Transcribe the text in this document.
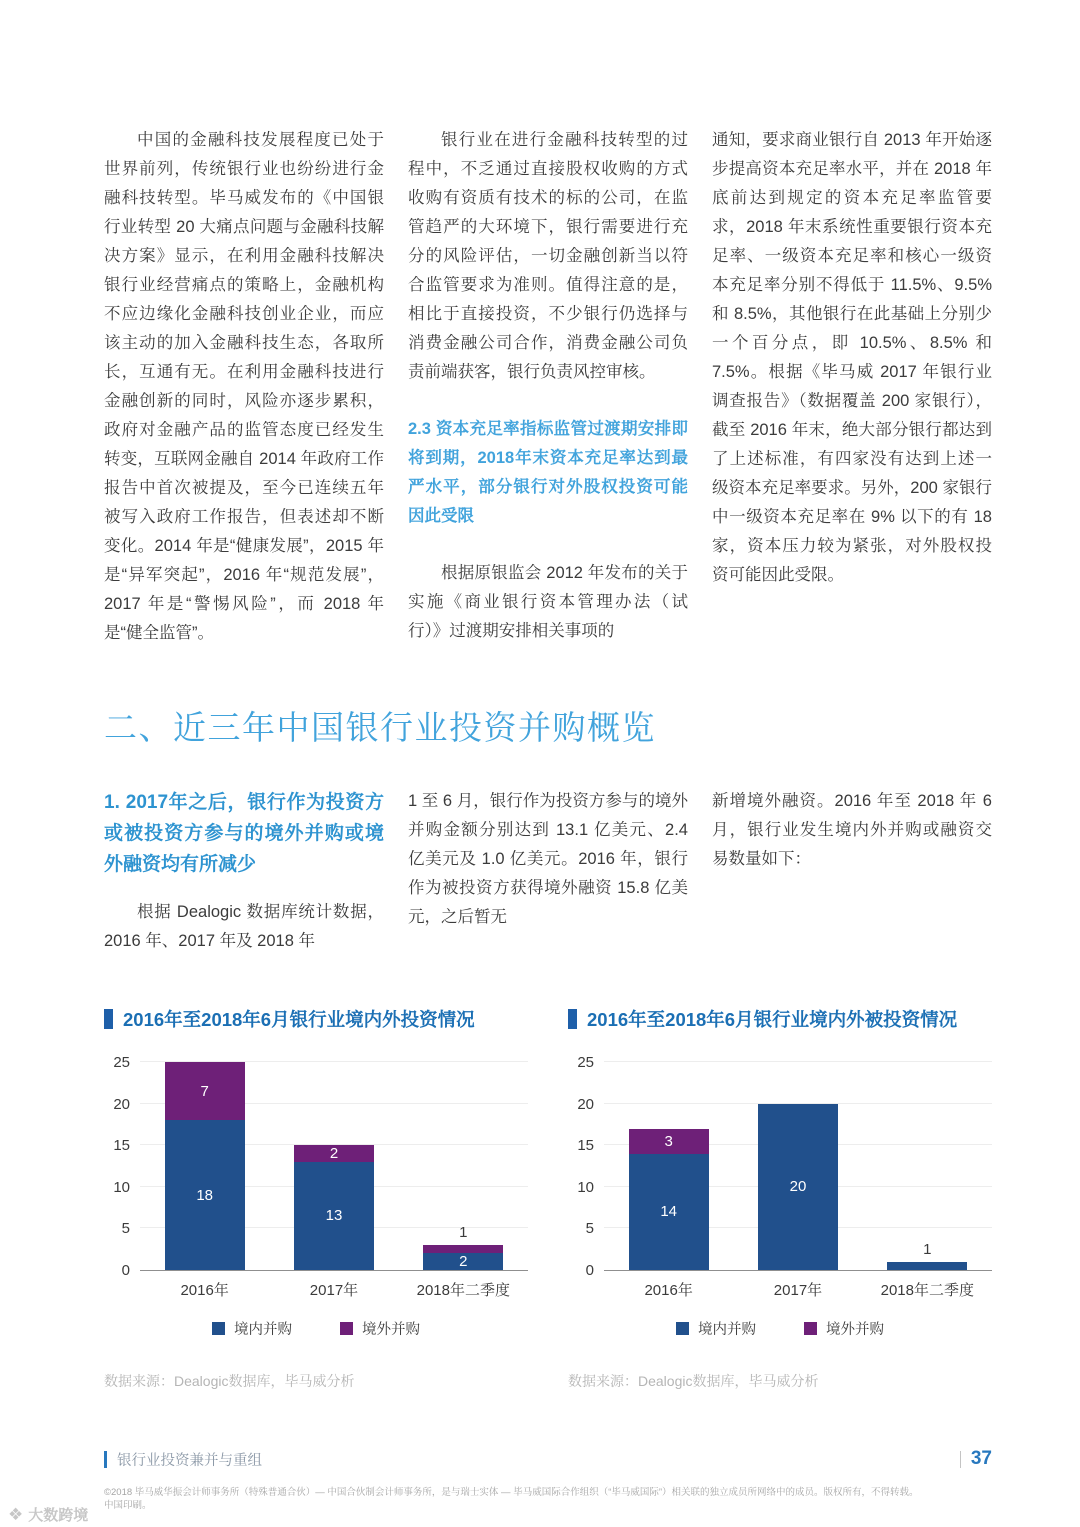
中国的金融科技发展程度已处于世界前列，传统银行业也纷纷进行金融科技转型。毕马威发布的《中国银行业转型 20 大痛点问题与金融科技解决方案》显示，在利用金融科技解决银行业经营痛点的策略上，金融机构不应边缘化金融科技创业企业，而应该主动的加入金融科技生态，各取所长，互通有无。在利用金融科技进行金融创新的同时，风险亦逐步累积，政府对金融产品的监管态度已经发生转变，互联网金融自 2014 年政府工作报告中首次被提及，至今已连续五年被写入政府工作报告，但表述却不断变化。2014 年是“健康发展”，2015 年是“异军突起”，2016 年“规范发展”，2017 年是“警惕风险”，而 2018 年是“健全监管”。

银行业在进行金融科技转型的过程中，不乏通过直接股权收购的方式收购有资质有技术的标的公司，在监管趋严的大环境下，银行需要进行充分的风险评估，一切金融创新当以符合监管要求为准则。值得注意的是，相比于直接投资，不少银行仍选择与消费金融公司合作，消费金融公司负责前端获客，银行负责风控审核。

2.3 资本充足率指标监管过渡期安排即将到期，2018年末资本充足率达到最严水平，部分银行对外股权投资可能因此受限

根据原银监会 2012 年发布的关于实施《商业银行资本管理办法（试行）》过渡期安排相关事项的

通知，要求商业银行自 2013 年开始逐步提高资本充足率水平，并在 2018 年底前达到规定的资本充足率监管要求，2018 年末系统性重要银行资本充足率、一级资本充足率和核心一级资本充足率分别不得低于 11.5%、9.5% 和 8.5%，其他银行在此基础上分别少一个百分点，即 10.5%、8.5% 和 7.5%。根据《毕马威 2017 年银行业调查报告》（数据覆盖 200 家银行），截至 2016 年末，绝大部分银行都达到了上述标准，有四家没有达到上述一级资本充足率要求。另外，200 家银行中一级资本充足率在 9% 以下的有 18 家，资本压力较为紧张，对外股权投资可能因此受限。

二、近三年中国银行业投资并购概览
1. 2017年之后，银行作为投资方或被投资方参与的境外并购或境外融资均有所减少

根据 Dealogic 数据库统计数据，2016 年、2017 年及 2018 年

1 至 6 月，银行作为投资方参与的境外并购金额分别达到 13.1 亿美元、2.4 亿美元及 1.0 亿美元。2016 年，银行作为被投资方获得境外融资 15.8 亿美元，之后暂无

新增境外融资。2016 年至 2018 年 6 月，银行业发生境内外并购或融资交易数量如下：

2016年至2018年6月银行业境内外投资情况
0
5
10
15
20
25
18
7
13
2
2
1
2016年	2017年	2018年二季度
境内并购	境外并购
数据来源：Dealogic数据库，毕马威分析
2016年至2018年6月银行业境内外被投资情况
0
5
10
15
20
25
14
3
20
1
2016年	2017年	2018年二季度
境内并购	境外并购
数据来源：Dealogic数据库，毕马威分析
银行业投资兼并与重组	37
©2018 毕马威华振会计师事务所（特殊普通合伙）— 中国合伙制会计师事务所，是与瑞士实体 — 毕马威国际合作组织（“毕马威国际”）相关联的独立成员所网络中的成员。版权所有，不得转载。
中国印刷。
❖ 大数跨境
